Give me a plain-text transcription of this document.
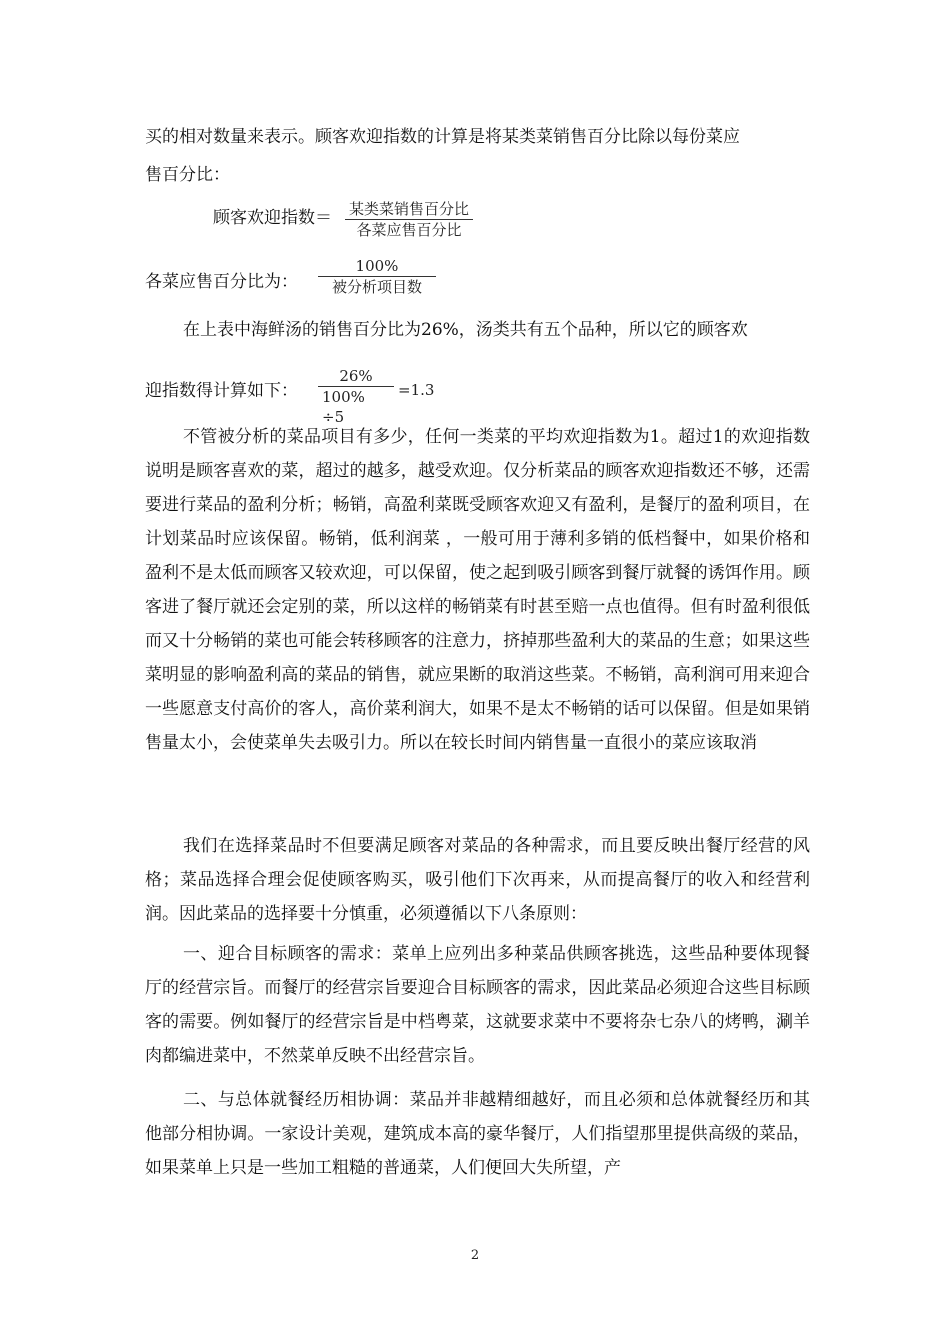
买的相对数量来表示。顾客欢迎指数的计算是将某类菜销售百分比除以每份菜应
售百分比：
顾客欢迎指数＝ 某类菜销售百分比
各菜应售百分比
各菜应售百分比为：
100%
被分析项目数
在上表中海鲜汤的销售百分比为26%，汤类共有五个品种，所以它的顾客欢
迎指数得计算如下：
26%
100% ÷5
=1.3
不管被分析的菜品项目有多少，任何一类菜的平均欢迎指数为1。超过1的欢迎指数说明是顾客喜欢的菜，超过的越多，越受欢迎。仅分析菜品的顾客欢迎指数还不够，还需要进行菜品的盈利分析；畅销，高盈利菜既受顾客欢迎又有盈利，是餐厅的盈利项目，在计划菜品时应该保留。畅销，低利润菜 ，一般可用于薄利多销的低档餐中，如果价格和盈利不是太低而顾客又较欢迎，可以保留，使之起到吸引顾客到餐厅就餐的诱饵作用。顾客进了餐厅就还会定别的菜，所以这样的畅销菜有时甚至赔一点也值得。但有时盈利很低而又十分畅销的菜也可能会转移顾客的注意力，挤掉那些盈利大的菜品的生意；如果这些菜明显的影响盈利高的菜品的销售，就应果断的取消这些菜。不畅销，高利润可用来迎合一些愿意支付高价的客人，高价菜利润大，如果不是太不畅销的话可以保留。但是如果销售量太小，会使菜单失去吸引力。所以在较长时间内销售量一直很小的菜应该取消
我们在选择菜品时不但要满足顾客对菜品的各种需求，而且要反映出餐厅经营的风格；菜品选择合理会促使顾客购买，吸引他们下次再来，从而提高餐厅的收入和经营利润。因此菜品的选择要十分慎重，必须遵循以下八条原则：
一、迎合目标顾客的需求：菜单上应列出多种菜品供顾客挑选，这些品种要体现餐厅的经营宗旨。而餐厅的经营宗旨要迎合目标顾客的需求，因此菜品必须迎合这些目标顾客的需要。例如餐厅的经营宗旨是中档粤菜，这就要求菜中不要将杂七杂八的烤鸭，涮羊肉都编进菜中，不然菜单反映不出经营宗旨。
二、与总体就餐经历相协调：菜品并非越精细越好，而且必须和总体就餐经历和其他部分相协调。一家设计美观，建筑成本高的豪华餐厅，人们指望那里提供高级的菜品，如果菜单上只是一些加工粗糙的普通菜，人们便回大失所望，产
2
